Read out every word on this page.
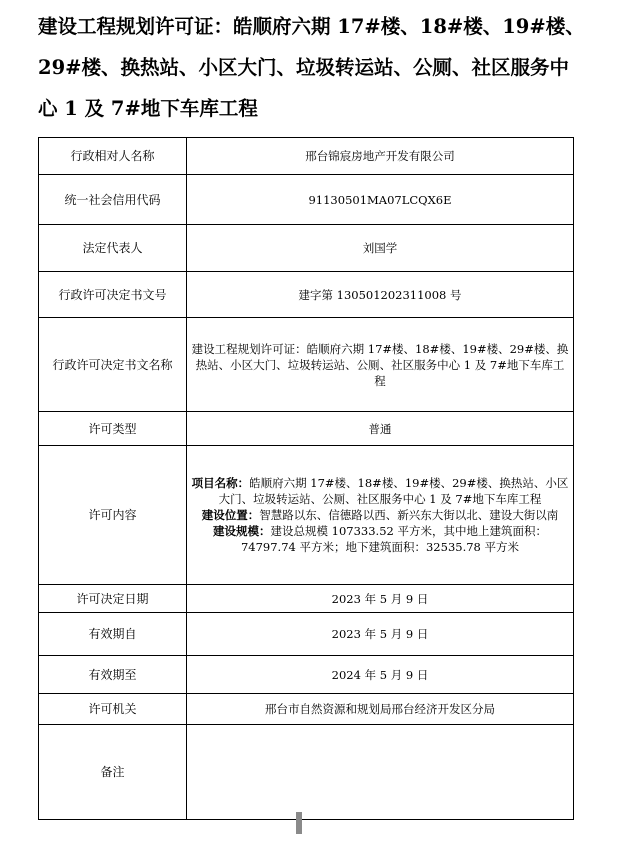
建设工程规划许可证：皓顺府六期 17#楼、18#楼、19#楼、29#楼、换热站、小区大门、垃圾转运站、公厕、社区服务中心 1 及 7#地下车库工程
行政相对人名称	邢台锦宸房地产开发有限公司
统一社会信用代码	91130501MA07LCQX6E
法定代表人	刘国学
行政许可决定书文号	建字第 130501202311008 号
行政许可决定书文名称	建设工程规划许可证：皓顺府六期 17#楼、18#楼、19#楼、29#楼、换热站、小区大门、垃圾转运站、公厕、社区服务中心 1 及 7#地下车库工程
许可类型	普通
许可内容	项目名称：皓顺府六期 17#楼、18#楼、19#楼、29#楼、换热站、小区大门、垃圾转运站、公厕、社区服务中心 1 及 7#地下车库工程

建设位置：智慧路以东、信德路以西、新兴东大街以北、建设大街以南

建设规模：建设总规模 107333.52 平方米，其中地上建筑面积：74797.74 平方米；地下建筑面积：32535.78 平方米

许可决定日期	2023 年 5 月 9 日
有效期自	2023 年 5 月 9 日
有效期至	2024 年 5 月 9 日
许可机关	邢台市自然资源和规划局邢台经济开发区分局
备注	
